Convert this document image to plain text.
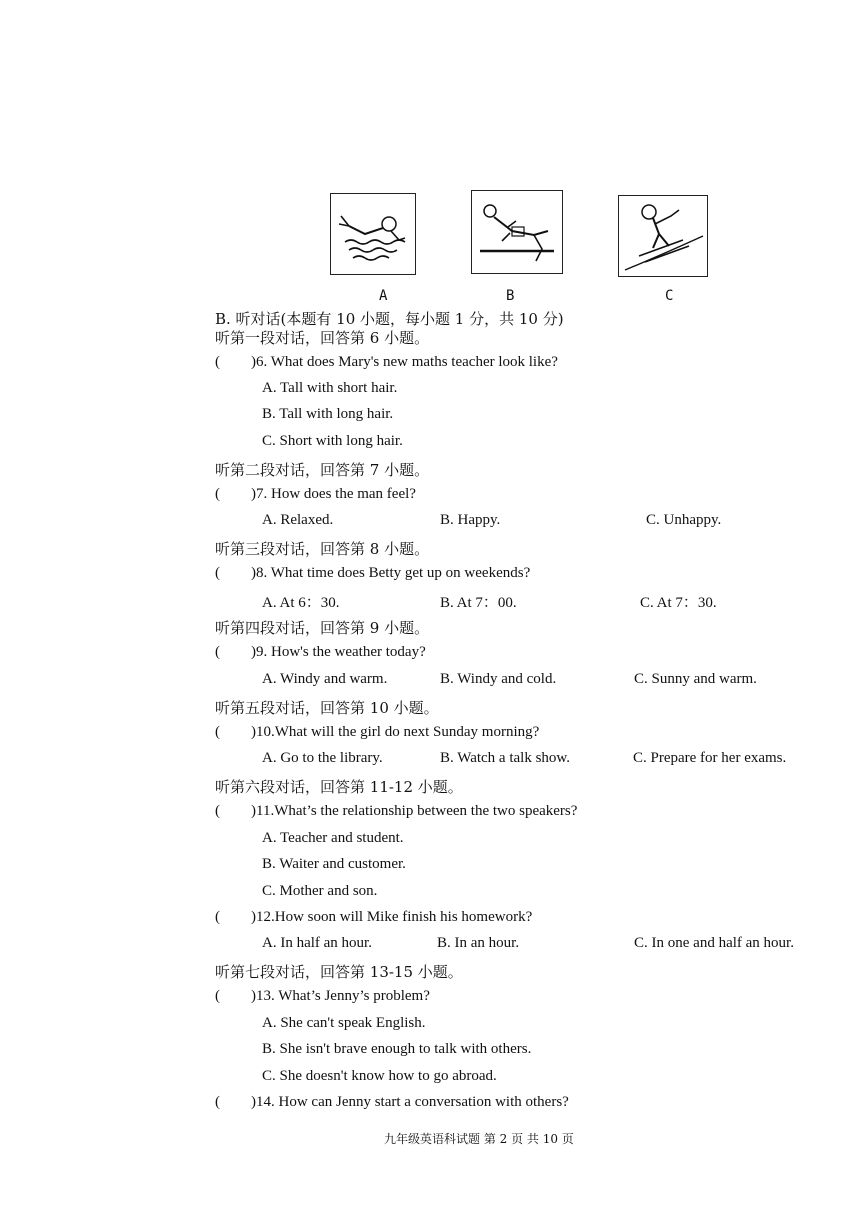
A	B	C
B. 听对话(本题有 10 小题，每小题 1 分，共 10 分)
听第一段对话，回答第 6 小题。
( )6. What does Mary's new maths teacher look like?
A. Tall with short hair.
B. Tall with long hair.
C. Short with long hair.
听第二段对话，回答第 7 小题。
( )7. How does the man feel?
A. Relaxed.	B. Happy.	C. Unhappy.
听第三段对话，回答第 8 小题。
( )8. What time does Betty get up on weekends?
A. At 6：30.	B. At 7：00.	C. At 7：30.
听第四段对话，回答第 9 小题。
( )9. How's the weather today?
A. Windy and warm.	B. Windy and cold.	C. Sunny and warm.
听第五段对话，回答第 10 小题。
( )10.What will the girl do next Sunday morning?
A. Go to the library.	B. Watch a talk show.	C. Prepare for her exams.
听第六段对话，回答第 11-12 小题。
( )11.What’s the relationship between the two speakers?
A. Teacher and student.
B. Waiter and customer.
C. Mother and son.
( )12.How soon will Mike finish his homework?
A. In half an hour.	B. In an hour.	C. In one and half an hour.
听第七段对话，回答第 13-15 小题。
( )13. What’s Jenny’s problem?
A. She can't speak English.
B. She isn't brave enough to talk with others.
C. She doesn't know how to go abroad.
( )14. How can Jenny start a conversation with others?
九年级英语科试题 第 2 页 共 10 页
